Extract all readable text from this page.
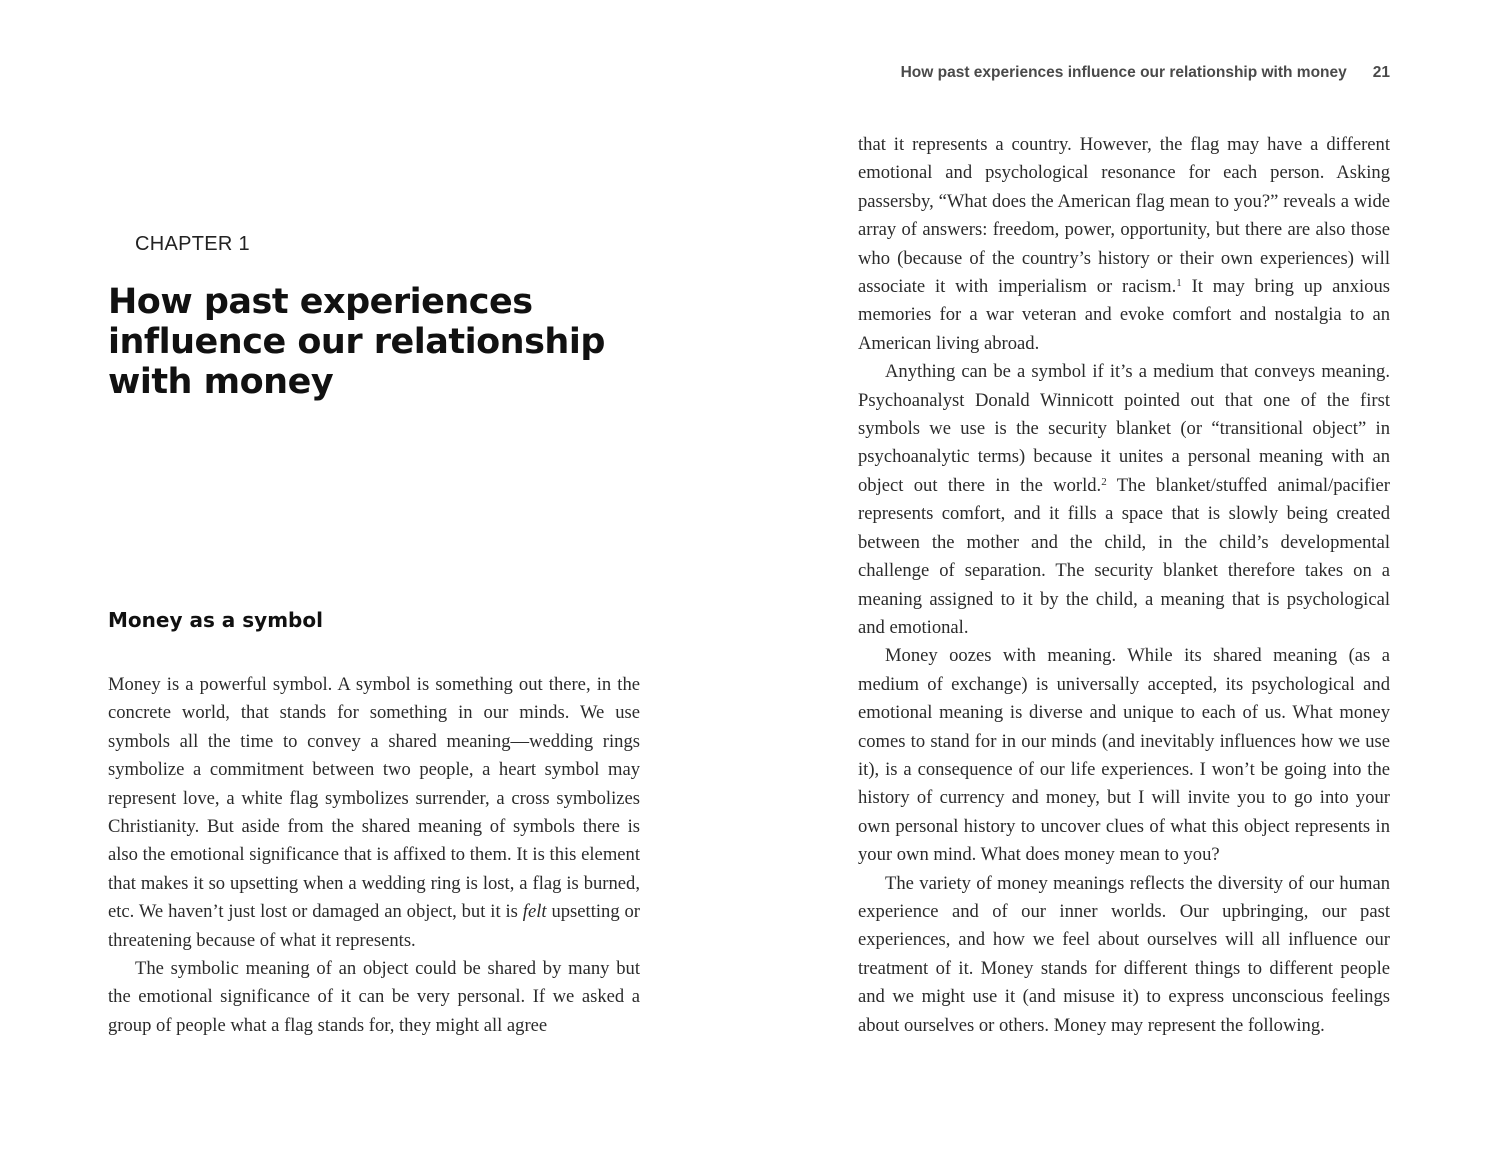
CHAPTER 1
How past experiences influence our relationship with money
Money as a symbol

Money is a powerful symbol. A symbol is something out there, in the concrete world, that stands for something in our minds. We use symbols all the time to convey a shared meaning—wedding rings symbolize a commitment between two people, a heart symbol may represent love, a white flag symbolizes surrender, a cross symbolizes Christianity. But aside from the shared meaning of symbols there is also the emotional significance that is affixed to them. It is this element that makes it so upsetting when a wedding ring is lost, a flag is burned, etc. We haven’t just lost or damaged an object, but it is felt upsetting or threatening because of what it represents.

The symbolic meaning of an object could be shared by many but the emotional significance of it can be very personal. If we asked a group of people what a flag stands for, they might all agree

How past experiences influence our relationship with money 21

that it represents a country. However, the flag may have a different emotional and psychological resonance for each person. Asking passersby, “What does the American flag mean to you?” reveals a wide array of answers: freedom, power, opportunity, but there are also those who (because of the country’s history or their own experiences) will associate it with imperialism or racism.$^1$ It may bring up anxious memories for a war veteran and evoke comfort and nostalgia to an American living abroad.

Anything can be a symbol if it’s a medium that conveys meaning. Psychoanalyst Donald Winnicott pointed out that one of the first symbols we use is the security blanket (or “transitional object” in psychoanalytic terms) because it unites a personal meaning with an object out there in the world.$^2$ The blanket/stuffed animal/pacifier represents comfort, and it fills a space that is slowly being created between the mother and the child, in the child’s developmental challenge of separation. The security blanket therefore takes on a meaning assigned to it by the child, a meaning that is psychological and emotional.

Money oozes with meaning. While its shared meaning (as a medium of exchange) is universally accepted, its psychological and emotional meaning is diverse and unique to each of us. What money comes to stand for in our minds (and inevitably influences how we use it), is a consequence of our life experiences. I won’t be going into the history of currency and money, but I will invite you to go into your own personal history to uncover clues of what this object represents in your own mind. What does money mean to you?

The variety of money meanings reflects the diversity of our human experience and of our inner worlds. Our upbringing, our past experiences, and how we feel about ourselves will all influence our treatment of it. Money stands for different things to different people and we might use it (and misuse it) to express unconscious feelings about ourselves or others. Money may represent the following.
